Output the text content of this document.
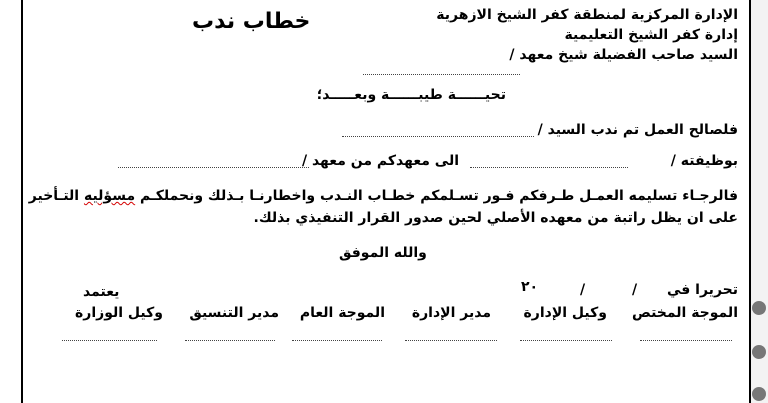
الإدارة المركزية لمنطقة كفر الشيخ الازهرية
إدارة كفر الشيخ التعليمية
السيد صاحب الفضيلة شيخ معهد /
خطاب ندب
تحيــــــة طيبــــــة وبعـــــد؛
فلصالح العمل تم ندب السيد /
بوظيفته /
الى معهدكم من معهد /
فالرجـاء تسليمه العمـل طـرفكم فـور تسـلمكم خطـاب النـدب واخطارنـا بـذلك ونحملكـم مسؤليه التـأخير
على ان يظل راتبة من معهده الأصلي لحين صدور القرار التنفيذي بذلك.
والله الموفق
تحريرا في
/
/
٢٠
يعتمد
الموجة المختص
وكيل الإدارة
مدير الإدارة
الموجة العام
مدير التنسيق
وكيل الوزارة
